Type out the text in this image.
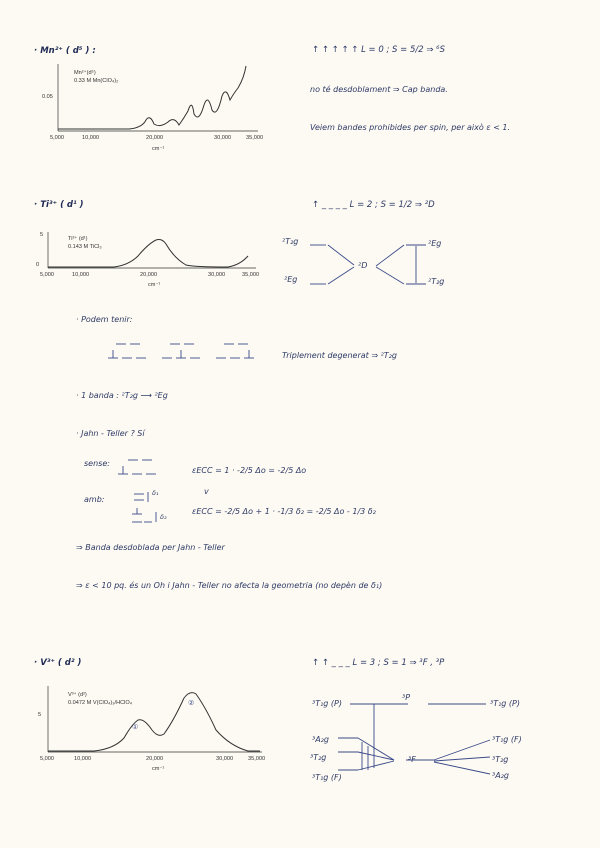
· Mn²⁺ ( d⁵ ) :
Mn²⁺(d⁵)
0.33 M Mn(ClO₄)₂
0.05
5,000	10,000	20,000	30,000	35,000
cm⁻¹
↑ ↑ ↑ ↑ ↑ L = 0 ; S = 5/2 ⇒ ⁶S
no té desdoblament ⇒ Cap banda.
Veiem bandes prohibides per spin, per això ε < 1.
· Ti³⁺ ( d¹ )
Ti³⁺ (d¹)
0.143 M TiCl₃
5
0
5,000	10,000	20,000	30,000	35,000
cm⁻¹
↑ _ _ _ _ L = 2 ; S = 1/2 ⇒ ²D
²T₂g
²Eg
²D
²Eg
²T₂g
· Podem tenir:
Triplement degenerat ⇒ ²T₂g
· 1 banda : ²T₂g ⟶ ²Eg
· Jahn - Teller ? Sí
sense:
εECC = 1 · -2/5 Δo = -2/5 Δo
v
amb:
δ₁
δ₂
εECC = -2/5 Δo + 1 · -1/3 δ₂ = -2/5 Δo - 1/3 δ₂
⇒ Banda desdoblada per Jahn - Teller
⇒ ε < 10 pq. és un Oh i Jahn - Teller no afecta la geometria (no depèn de δ₁)
· V³⁺ ( d² )
V³⁺ (d²)
0.0472 M V(ClO₄)₃/HClO₄
5
①
②
5,000	10,000	20,000	30,000	35,000
cm⁻¹
↑ ↑ _ _ _ L = 3 ; S = 1 ⇒ ³F , ³P
³T₁g (P)
³P
³T₁g (P)
³A₂g
³T₂g
³T₁g (F)
³F
³T₁g (F)
³T₂g
³A₂g
